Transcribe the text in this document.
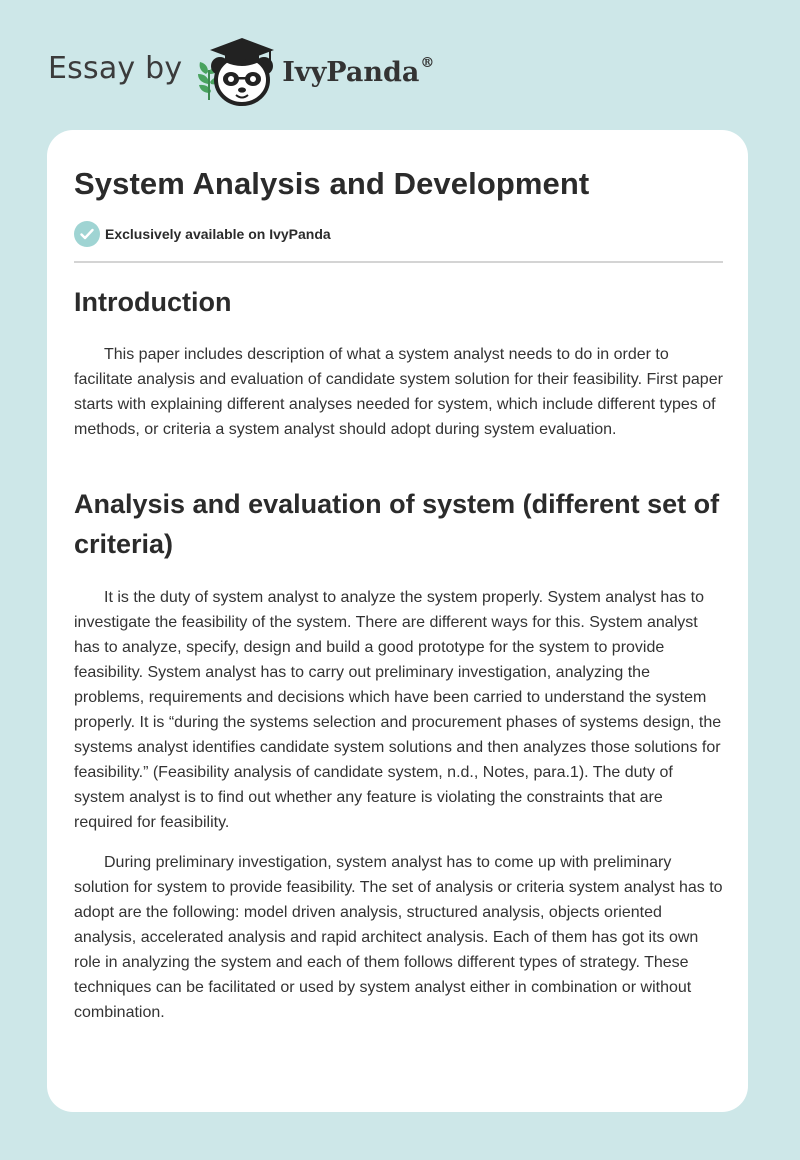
Essay by	IvyPanda®
System Analysis and Development
Exclusively available on IvyPanda
Introduction

This paper includes description of what a system analyst needs to do in order to facilitate analysis and evaluation of candidate system solution for their feasibility. First paper starts with explaining different analyses needed for system, which include different types of methods, or criteria a system analyst should adopt during system evaluation.

Analysis and evaluation of system (different set of criteria)

It is the duty of system analyst to analyze the system properly. System analyst has to investigate the feasibility of the system. There are different ways for this. System analyst has to analyze, specify, design and build a good prototype for the system to provide feasibility. System analyst has to carry out preliminary investigation, analyzing the problems, requirements and decisions which have been carried to understand the system properly. It is “during the systems selection and procurement phases of systems design, the systems analyst identifies candidate system solutions and then analyzes those solutions for feasibility.” (Feasibility analysis of candidate system, n.d., Notes, para.1). The duty of system analyst is to find out whether any feature is violating the constraints that are required for feasibility.

During preliminary investigation, system analyst has to come up with preliminary solution for system to provide feasibility. The set of analysis or criteria system analyst has to adopt are the following: model driven analysis, structured analysis, objects oriented analysis, accelerated analysis and rapid architect analysis. Each of them has got its own role in analyzing the system and each of them follows different types of strategy. These techniques can be facilitated or used by system analyst either in combination or without combination.
